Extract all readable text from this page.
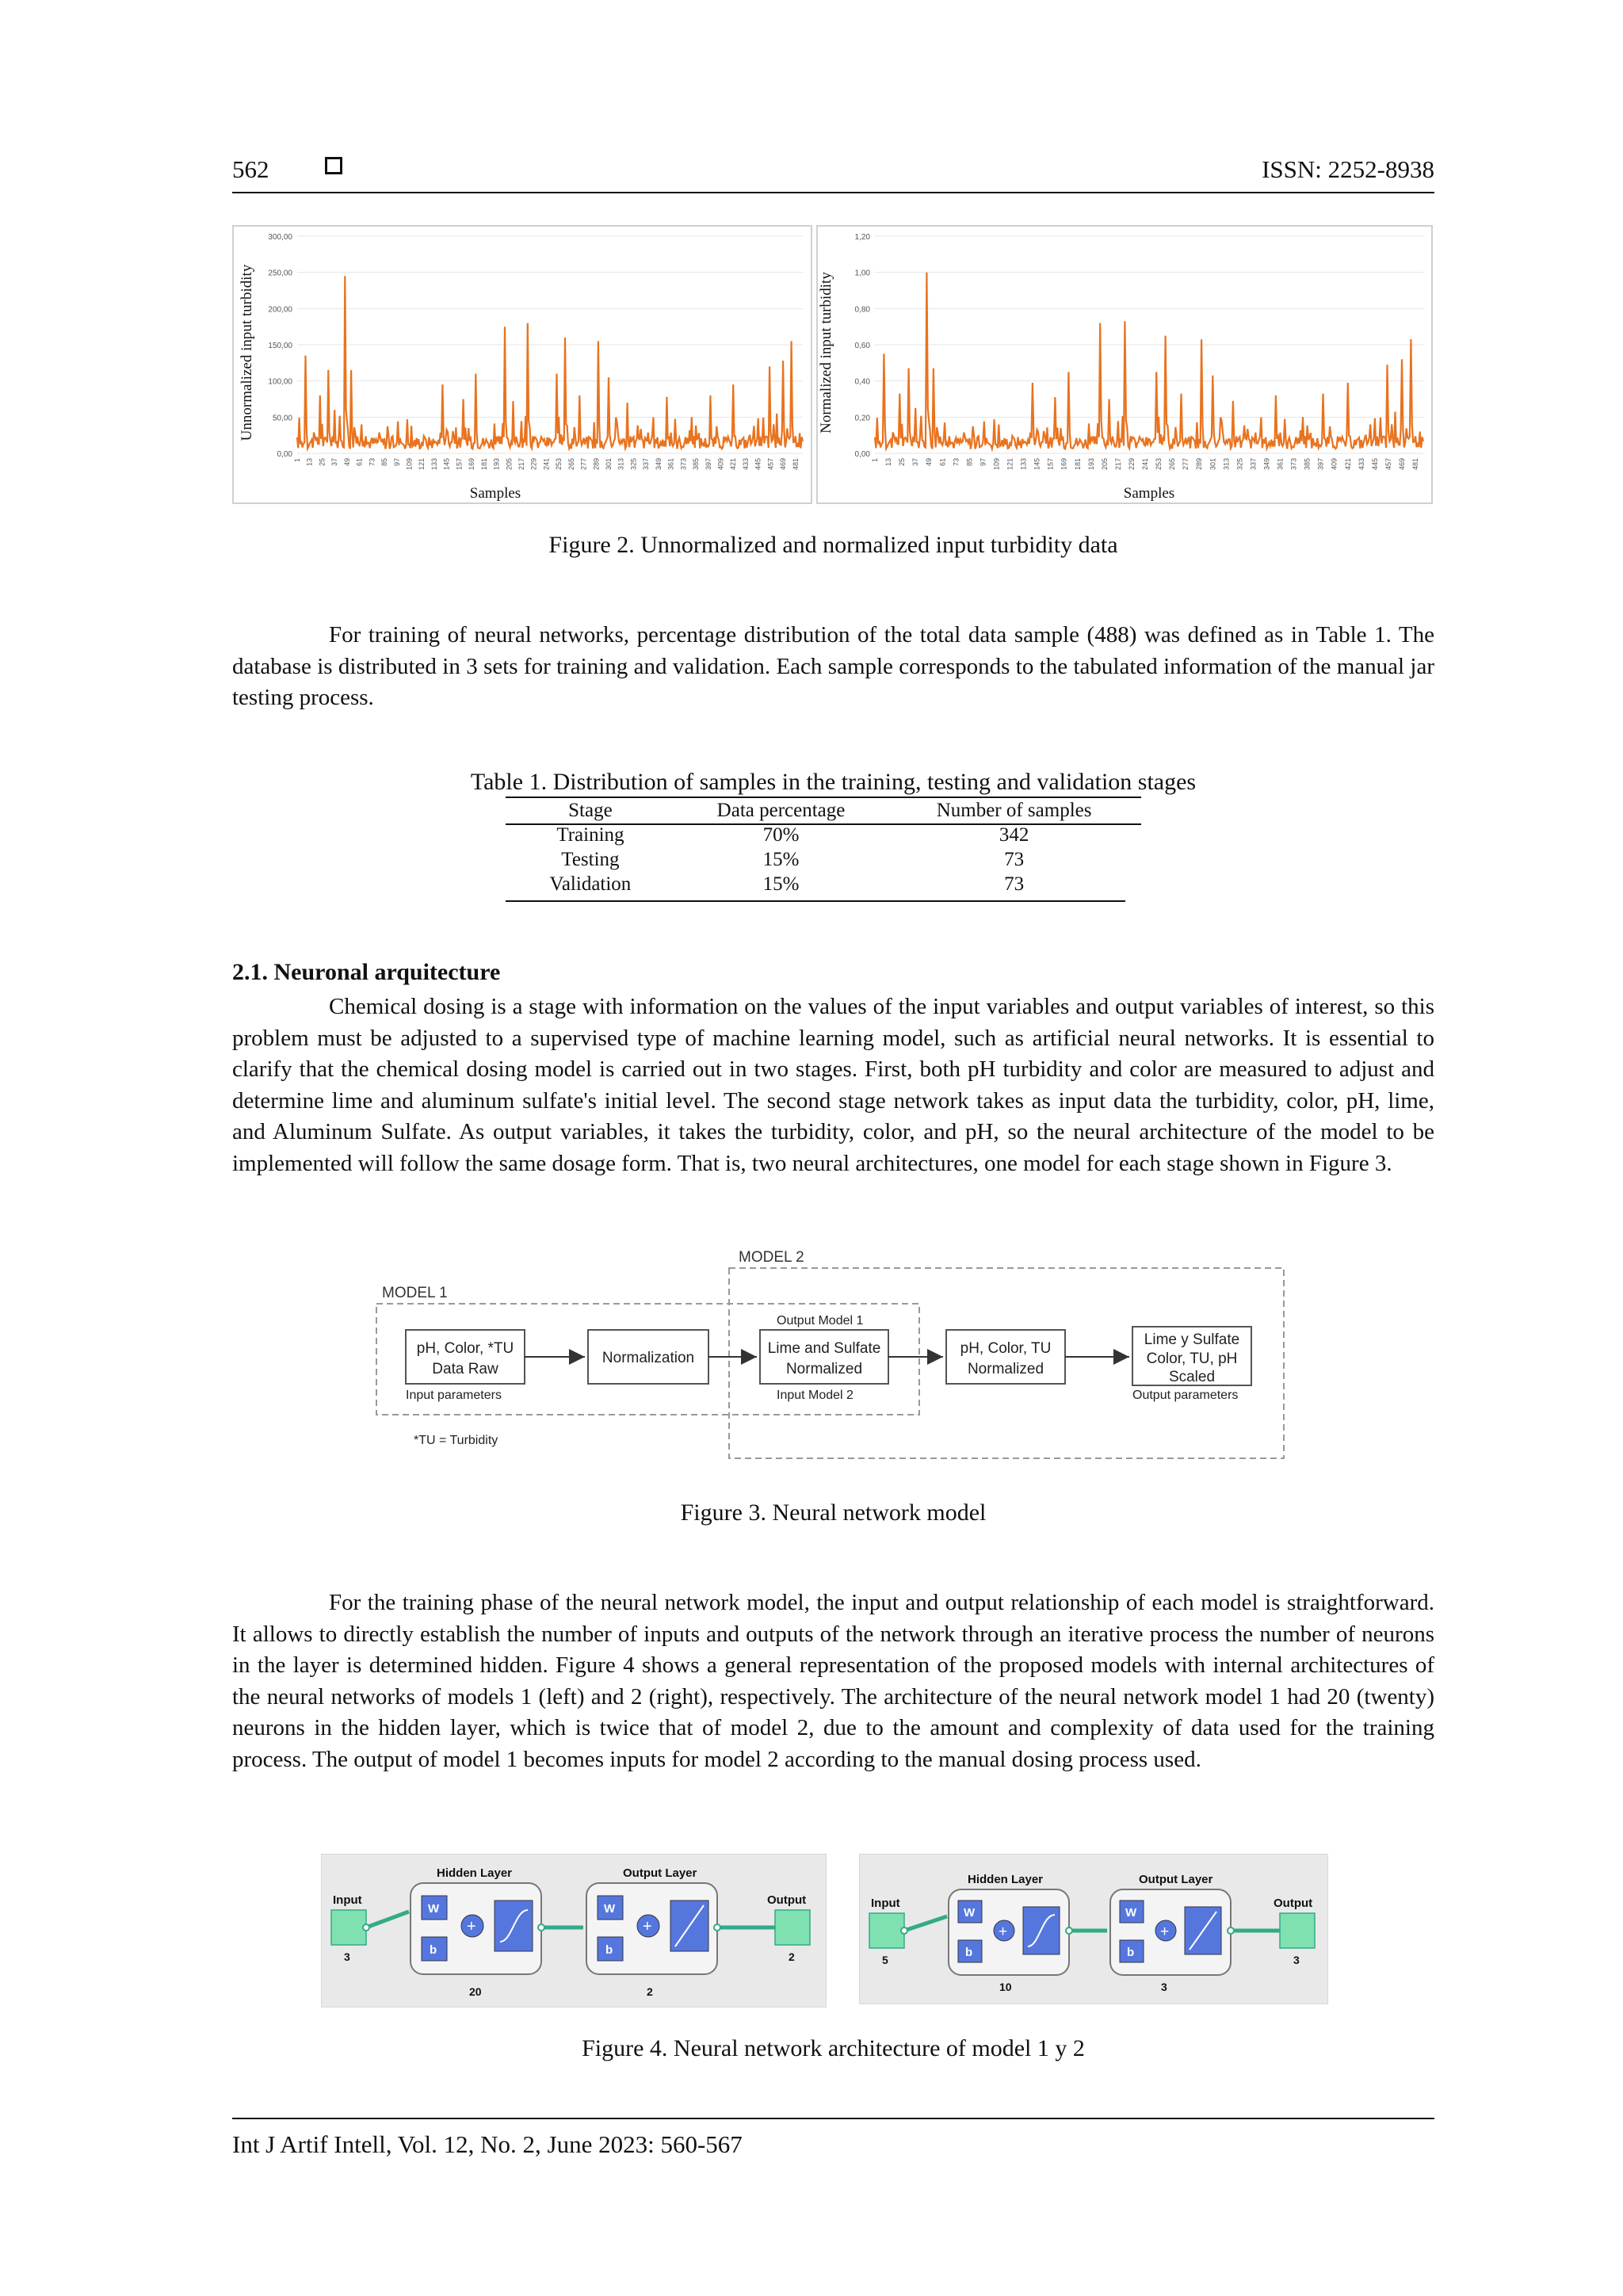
562	ISSN: 2252-8938
0,00
50,00
100,00
150,00
200,00
250,00
300,00
1 13 25 37 49 61 73 85 97 109 121 133 145 157 169 181 193 205 217 229 241 253 265 277 289 301 313 325 337 349 361 373 385 397 409 421 433 445 457 469 481
Unnormalized input turbidity
Samples
0,00
0,20
0,40
0,60
0,80
1,00
1,20
1 13 25 37 49 61 73 85 97 109 121 133 145 157 169 181 193 205 217 229 241 253 265 277 289 301 313 325 337 349 361 373 385 397 409 421 433 445 457 469 481
Normalized input turbidity
Samples
Figure 2. Unnormalized and normalized input turbidity data
For training of neural networks, percentage distribution of the total data sample (488) was defined as in Table 1. The database is distributed in 3 sets for training and validation. Each sample corresponds to the tabulated information of the manual jar testing process.
Table 1. Distribution of samples in the training, testing and validation stages
Stage	Data percentage	Number of samples
Training	70%	342
Testing	15%	73
Validation	15%	73
2.1. Neuronal arquitecture
Chemical dosing is a stage with information on the values of the input variables and output variables of interest, so this problem must be adjusted to a supervised type of machine learning model, such as artificial neural networks. It is essential to clarify that the chemical dosing model is carried out in two stages. First, both pH turbidity and color are measured to adjust and determine lime and aluminum sulfate's initial level. The second stage network takes as input data the turbidity, color, pH, lime, and Aluminum Sulfate. As output variables, it takes the turbidity, color, and pH, so the neural architecture of the model to be implemented will follow the same dosage form. That is, two neural architectures, one model for each stage shown in Figure 3.
MODEL 1
MODEL 2
pH, Color, *TU
Data Raw
Input parameters
Normalization
Output Model 1
Lime and Sulfate
Normalized
Input Model 2
pH, Color, TU
Normalized
Lime y Sulfate
Color, TU, pH
Scaled
Output parameters
*TU = Turbidity
Figure 3. Neural network model
For the training phase of the neural network model, the input and output relationship of each model is straightforward. It allows to directly establish the number of inputs and outputs of the network through an iterative process the number of neurons in the layer is determined hidden. Figure 4 shows a general representation of the proposed models with internal architectures of the neural networks of models 1 (left) and 2 (right), respectively. The architecture of the neural network model 1 had 20 (twenty) neurons in the hidden layer, which is twice that of model 2, due to the amount and complexity of data used for the training process. The output of model 1 becomes inputs for model 2 according to the manual dosing process used.
Input
3
Hidden Layer
W
b
+
20
Output Layer
W
b
+
2
Output
2
Input
5
Hidden Layer
W
b
+
10
Output Layer
W
b
+
3
Output
3
Figure 4. Neural network architecture of model 1 y 2
Int J Artif Intell, Vol. 12, No. 2, June 2023: 560-567
